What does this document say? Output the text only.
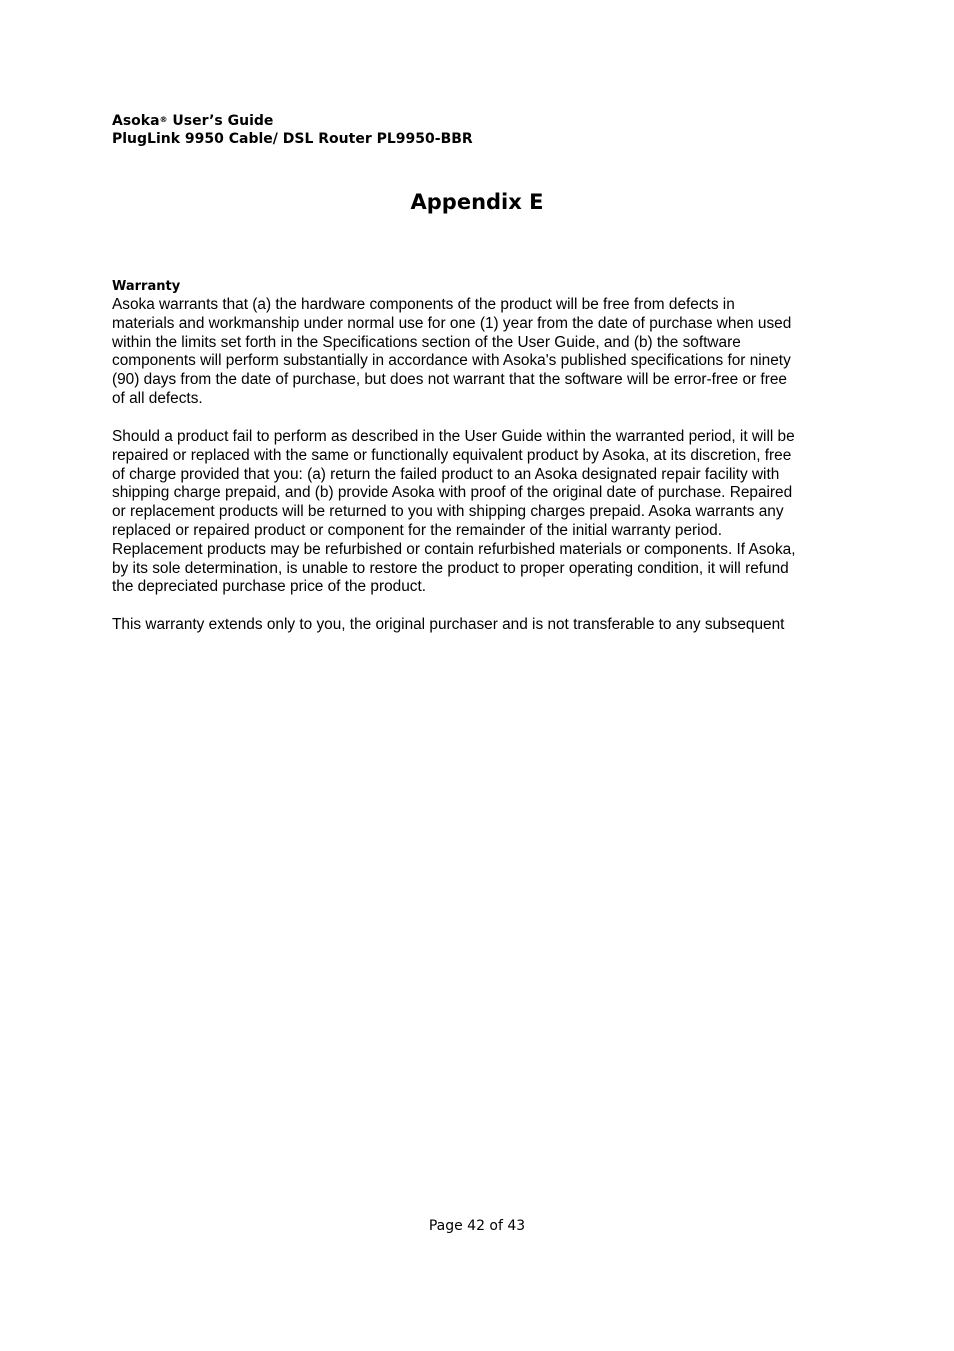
Asoka® User’s Guide
PlugLink 9950 Cable/ DSL Router PL9950-BBR
Appendix E
Warranty
Asoka warrants that (a) the hardware components of the product will be free from defects in
materials and workmanship under normal use for one (1) year from the date of purchase when used
within the limits set forth in the Specifications section of the User Guide, and (b) the software
components will perform substantially in accordance with Asoka's published specifications for ninety
(90) days from the date of purchase, but does not warrant that the software will be error-free or free
of all defects.
Should a product fail to perform as described in the User Guide within the warranted period, it will be
repaired or replaced with the same or functionally equivalent product by Asoka, at its discretion, free
of charge provided that you: (a) return the failed product to an Asoka designated repair facility with
shipping charge prepaid, and (b) provide Asoka with proof of the original date of purchase. Repaired
or replacement products will be returned to you with shipping charges prepaid. Asoka warrants any
replaced or repaired product or component for the remainder of the initial warranty period.
Replacement products may be refurbished or contain refurbished materials or components. If Asoka,
by its sole determination, is unable to restore the product to proper operating condition, it will refund
the depreciated purchase price of the product.
This warranty extends only to you, the original purchaser and is not transferable to any subsequent
Page 42 of 43
